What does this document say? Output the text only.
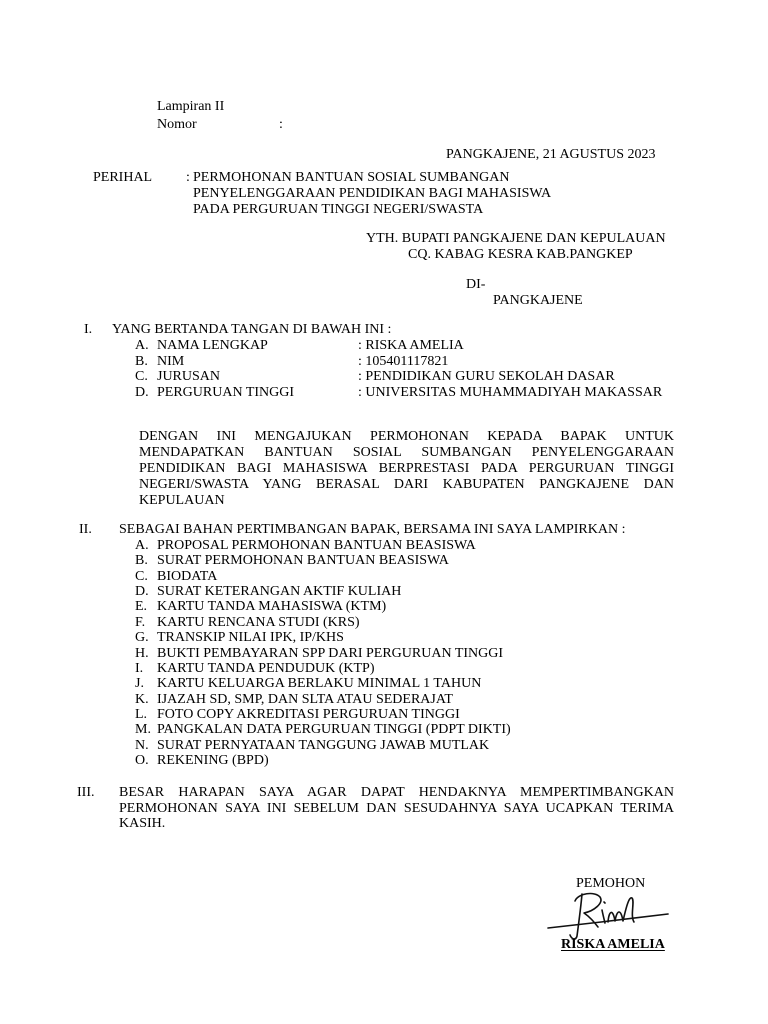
Lampiran II
Nomor	:
PANGKAJENE, 21 AGUSTUS 2023
PERIHAL : PERMOHONAN BANTUAN SOSIAL SUMBANGAN
PENYELENGGARAAN PENDIDIKAN BAGI MAHASISWA
PADA PERGURUAN TINGGI NEGERI/SWASTA
YTH. BUPATI PANGKAJENE DAN KEPULAUAN
CQ. KABAG KESRA KAB.PANGKEP
DI-
PANGKAJENE
I. YANG BERTANDA TANGAN DI BAWAH INI :
A. NAMA LENGKAP	: RISKA AMELIA
B. NIM	: 105401117821
C. JURUSAN	: PENDIDIKAN GURU SEKOLAH DASAR
D. PERGURUAN TINGGI	: UNIVERSITAS MUHAMMADIYAH MAKASSAR
DENGAN INI MENGAJUKAN PERMOHONAN KEPADA BAPAK UNTUK
MENDAPATKAN BANTUAN SOSIAL SUMBANGAN PENYELENGGARAAN
PENDIDIKAN BAGI MAHASISWA BERPRESTASI PADA PERGURUAN TINGGI
NEGERI/SWASTA YANG BERASAL DARI KABUPATEN PANGKAJENE DAN
KEPULAUAN
II. SEBAGAI BAHAN PERTIMBANGAN BAPAK, BERSAMA INI SAYA LAMPIRKAN :
A. PROPOSAL PERMOHONAN BANTUAN BEASISWA
B. SURAT PERMOHONAN BANTUAN BEASISWA
C. BIODATA
D. SURAT KETERANGAN AKTIF KULIAH
E. KARTU TANDA MAHASISWA (KTM)
F. KARTU RENCANA STUDI (KRS)
G. TRANSKIP NILAI IPK, IP/KHS
H. BUKTI PEMBAYARAN SPP DARI PERGURUAN TINGGI
I. KARTU TANDA PENDUDUK (KTP)
J. KARTU KELUARGA BERLAKU MINIMAL 1 TAHUN
K. IJAZAH SD, SMP, DAN SLTA ATAU SEDERAJAT
L. FOTO COPY AKREDITASI PERGURUAN TINGGI
M. PANGKALAN DATA PERGURUAN TINGGI (PDPT DIKTI)
N. SURAT PERNYATAAN TANGGUNG JAWAB MUTLAK
O. REKENING (BPD)
III. BESAR HARAPAN SAYA AGAR DAPAT HENDAKNYA MEMPERTIMBANGKAN
PERMOHONAN SAYA INI SEBELUM DAN SESUDAHNYA SAYA UCAPKAN TERIMA
KASIH.
PEMOHON
RISKA AMELIA
